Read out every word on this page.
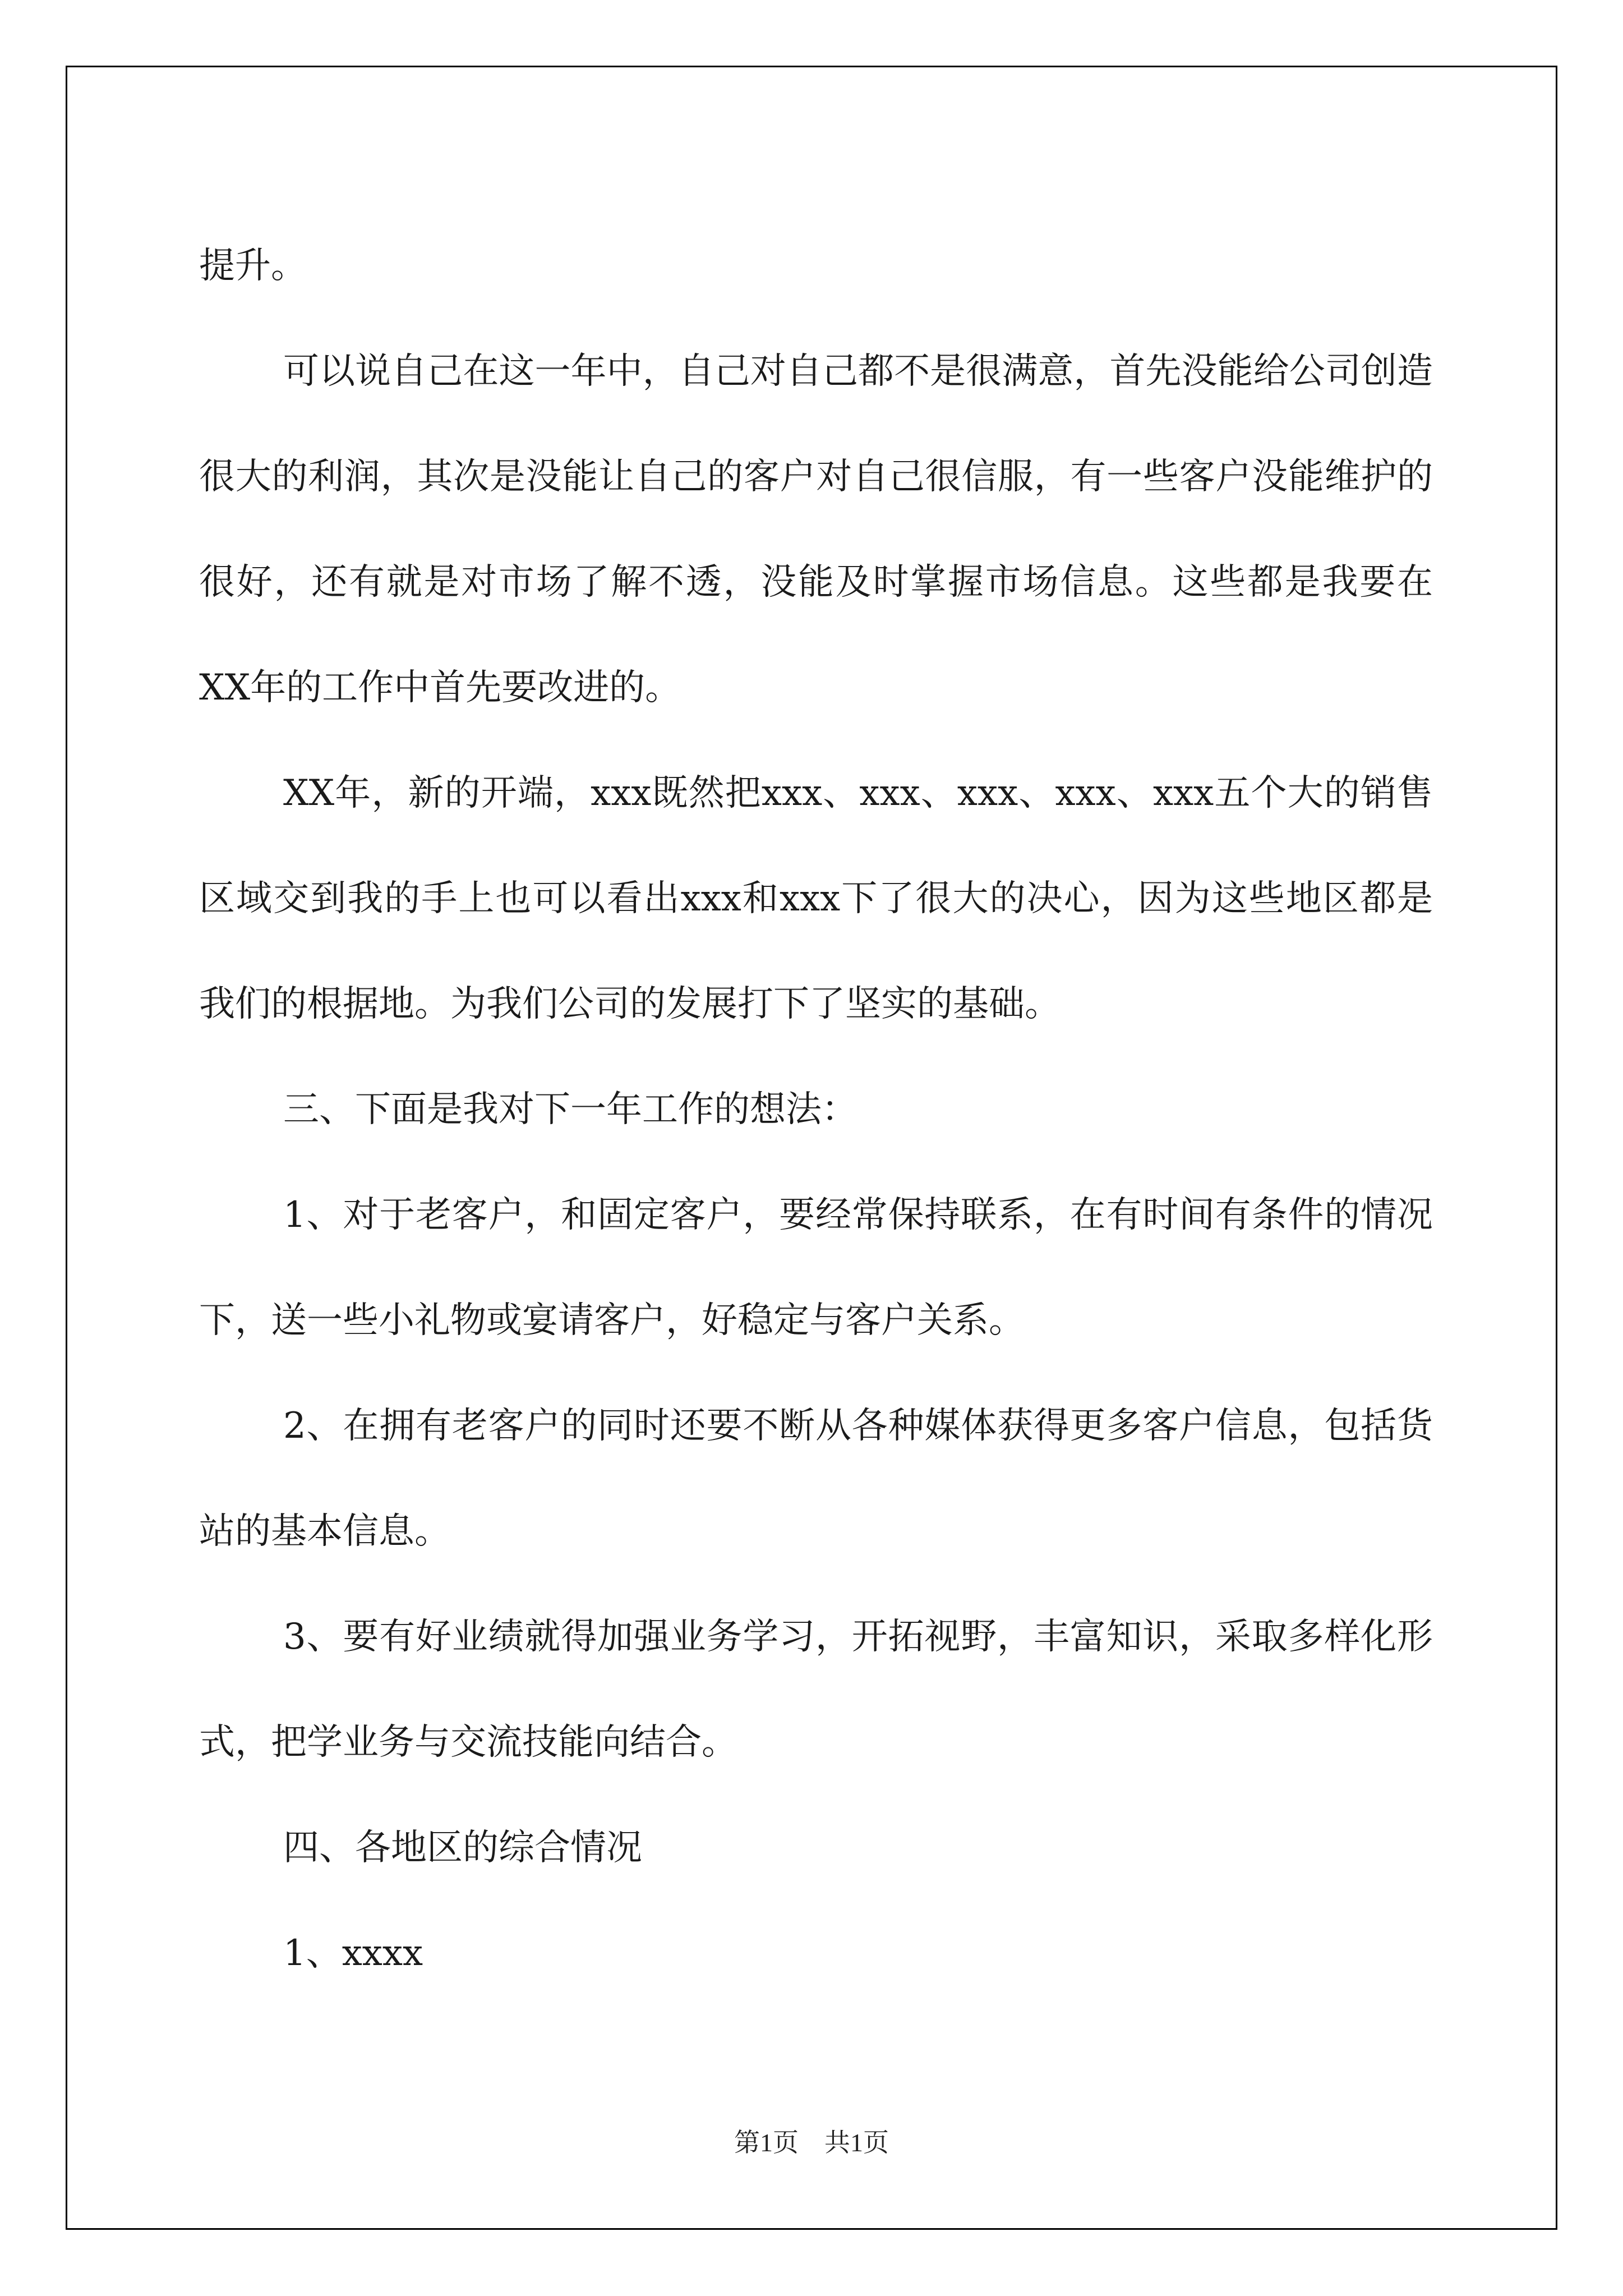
提升。

可以说自己在这一年中，自己对自己都不是很满意，首先没能给公司创造很大的利润，其次是没能让自己的客户对自己很信服，有一些客户没能维护的很好，还有就是对市场了解不透，没能及时掌握市场信息。这些都是我要在XX年的工作中首先要改进的。

XX年，新的开端，xxx既然把xxx、xxx、xxx、xxx、xxx五个大的销售区域交到我的手上也可以看出xxx和xxx下了很大的决心，因为这些地区都是我们的根据地。为我们公司的发展打下了坚实的基础。

三、下面是我对下一年工作的想法：

1、对于老客户，和固定客户，要经常保持联系，在有时间有条件的情况下，送一些小礼物或宴请客户，好稳定与客户关系。

2、在拥有老客户的同时还要不断从各种媒体获得更多客户信息，包括货站的基本信息。

3、要有好业绩就得加强业务学习，开拓视野，丰富知识，采取多样化形式，把学业务与交流技能向结合。

四、各地区的综合情况

1、xxxx

第1页 共1页
